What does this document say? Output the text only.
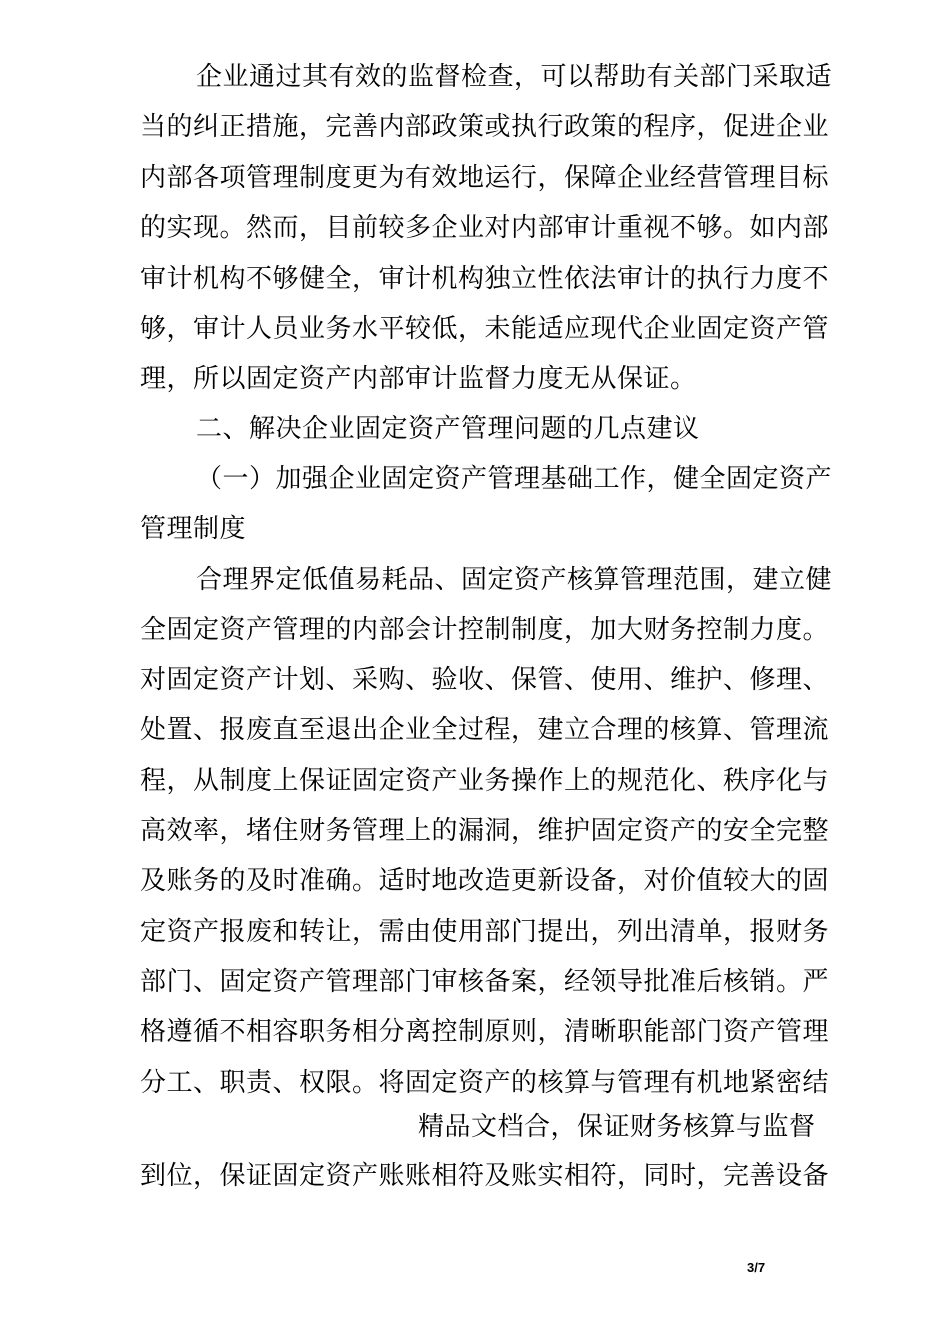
企业通过其有效的监督检查，可以帮助有关部门采取适
当的纠正措施，完善内部政策或执行政策的程序，促进企业
内部各项管理制度更为有效地运行，保障企业经营管理目标
的实现。然而，目前较多企业对内部审计重视不够。如内部
审计机构不够健全，审计机构独立性依法审计的执行力度不
够，审计人员业务水平较低，未能适应现代企业固定资产管
理，所以固定资产内部审计监督力度无从保证。
二、解决企业固定资产管理问题的几点建议
（一）加强企业固定资产管理基础工作，健全固定资产
管理制度
合理界定低值易耗品、固定资产核算管理范围，建立健
全固定资产管理的内部会计控制制度，加大财务控制力度。
对固定资产计划、采购、验收、保管、使用、维护、修理、
处置、报废直至退出企业全过程，建立合理的核算、管理流
程，从制度上保证固定资产业务操作上的规范化、秩序化与
高效率，堵住财务管理上的漏洞，维护固定资产的安全完整
及账务的及时准确。适时地改造更新设备，对价值较大的固
定资产报废和转让，需由使用部门提出，列出清单，报财务
部门、固定资产管理部门审核备案，经领导批准后核销。严
格遵循不相容职务相分离控制原则，清晰职能部门资产管理
分工、职责、权限。将固定资产的核算与管理有机地紧密结
精品文档合，保证财务核算与监督
到位，保证固定资产账账相符及账实相符，同时，完善设备
3/7
